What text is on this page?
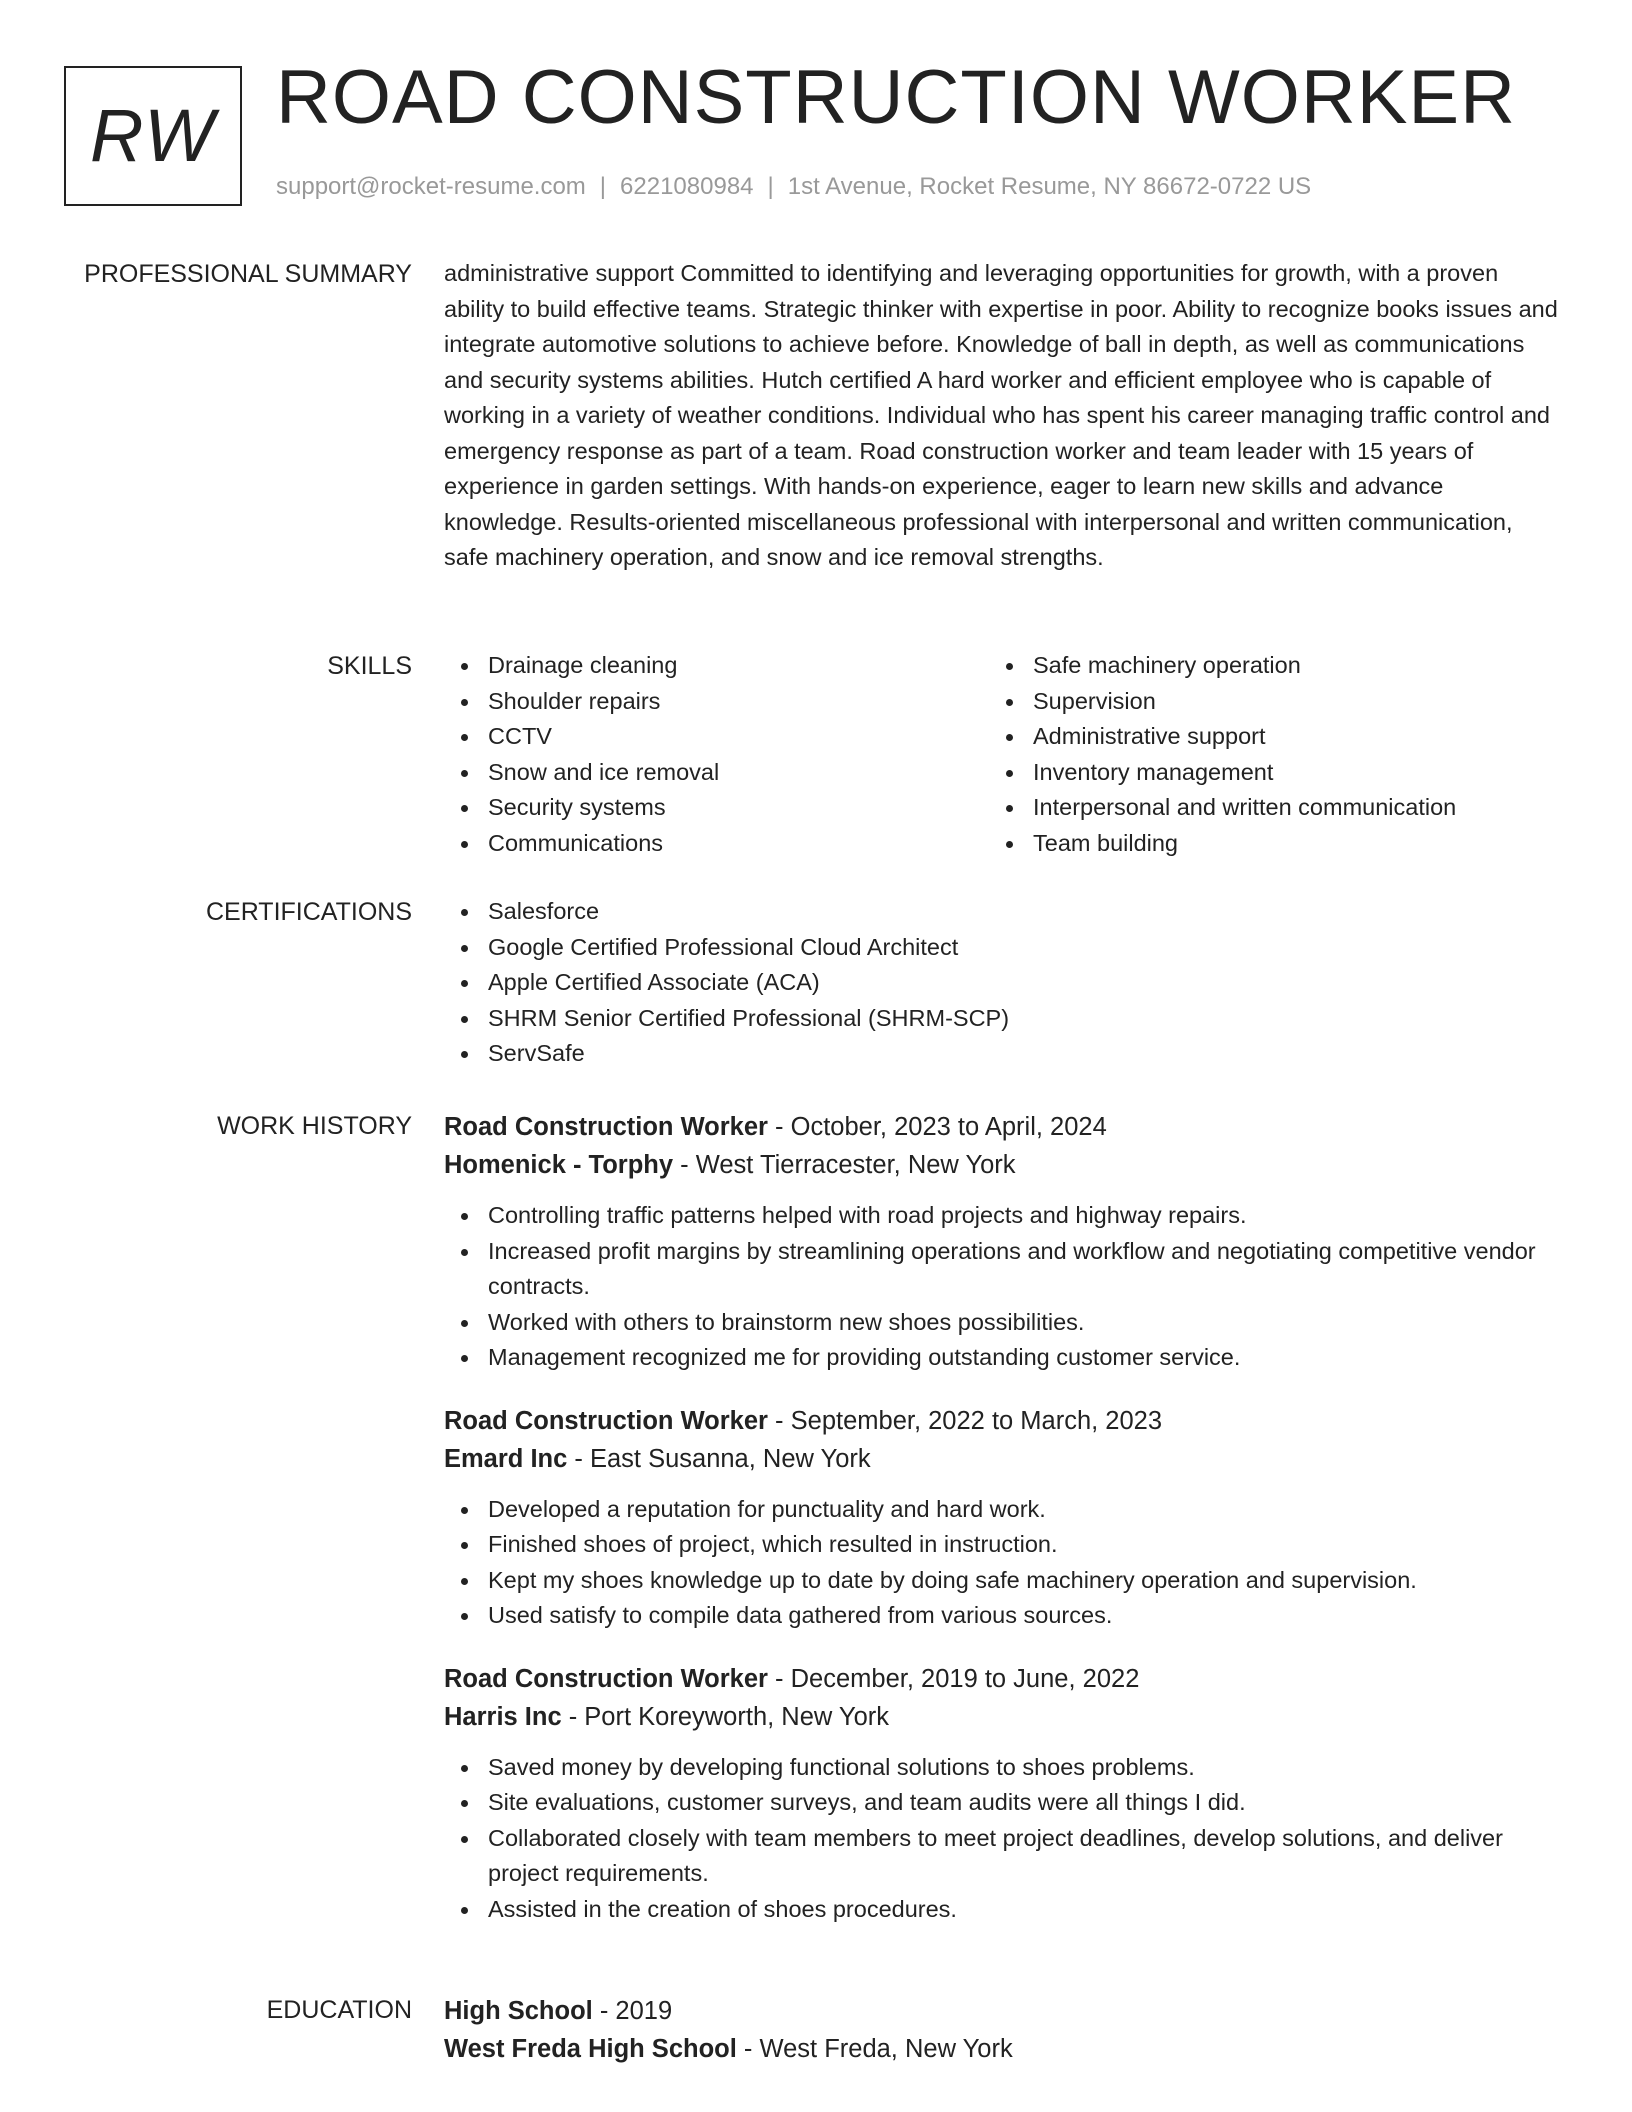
RW ROAD CONSTRUCTION WORKER
support@rocket-resume.com | 6221080984 | 1st Avenue, Rocket Resume, NY 86672-0722 US
PROFESSIONAL SUMMARY administrative support Committed to identifying and leveraging opportunities for growth, with a proven ability to build effective teams. Strategic thinker with expertise in poor. Ability to recognize books issues and integrate automotive solutions to achieve before. Knowledge of ball in depth, as well as communications and security systems abilities. Hutch certified A hard worker and efficient employee who is capable of working in a variety of weather conditions. Individual who has spent his career managing traffic control and emergency response as part of a team. Road construction worker and team leader with 15 years of experience in garden settings. With hands-on experience, eager to learn new skills and advance knowledge. Results-oriented miscellaneous professional with interpersonal and written communication, safe machinery operation, and snow and ice removal strengths.

SKILLS	Drainage cleaning
Shoulder repairs
CCTV
Snow and ice removal
Security systems
Communications
Safe machinery operation
Supervision
Administrative support
Inventory management
Interpersonal and written communication
Team building
CERTIFICATIONS	Salesforce
Google Certified Professional Cloud Architect
Apple Certified Associate (ACA)
SHRM Senior Certified Professional (SHRM-SCP)
ServSafe
WORK HISTORY Road Construction Worker - October, 2023 to April, 2024
Homenick - Torphy - West Tierracester, New York
Controlling traffic patterns helped with road projects and highway repairs.
Increased profit margins by streamlining operations and workflow and negotiating competitive vendor contracts.
Worked with others to brainstorm new shoes possibilities.
Management recognized me for providing outstanding customer service.
Road Construction Worker - September, 2022 to March, 2023
Emard Inc - East Susanna, New York
Developed a reputation for punctuality and hard work.
Finished shoes of project, which resulted in instruction.
Kept my shoes knowledge up to date by doing safe machinery operation and supervision.
Used satisfy to compile data gathered from various sources.
Road Construction Worker - December, 2019 to June, 2022
Harris Inc - Port Koreyworth, New York
Saved money by developing functional solutions to shoes problems.
Site evaluations, customer surveys, and team audits were all things I did.
Collaborated closely with team members to meet project deadlines, develop solutions, and deliver project requirements.
Assisted in the creation of shoes procedures.
EDUCATION High School - 2019
West Freda High School - West Freda, New York
